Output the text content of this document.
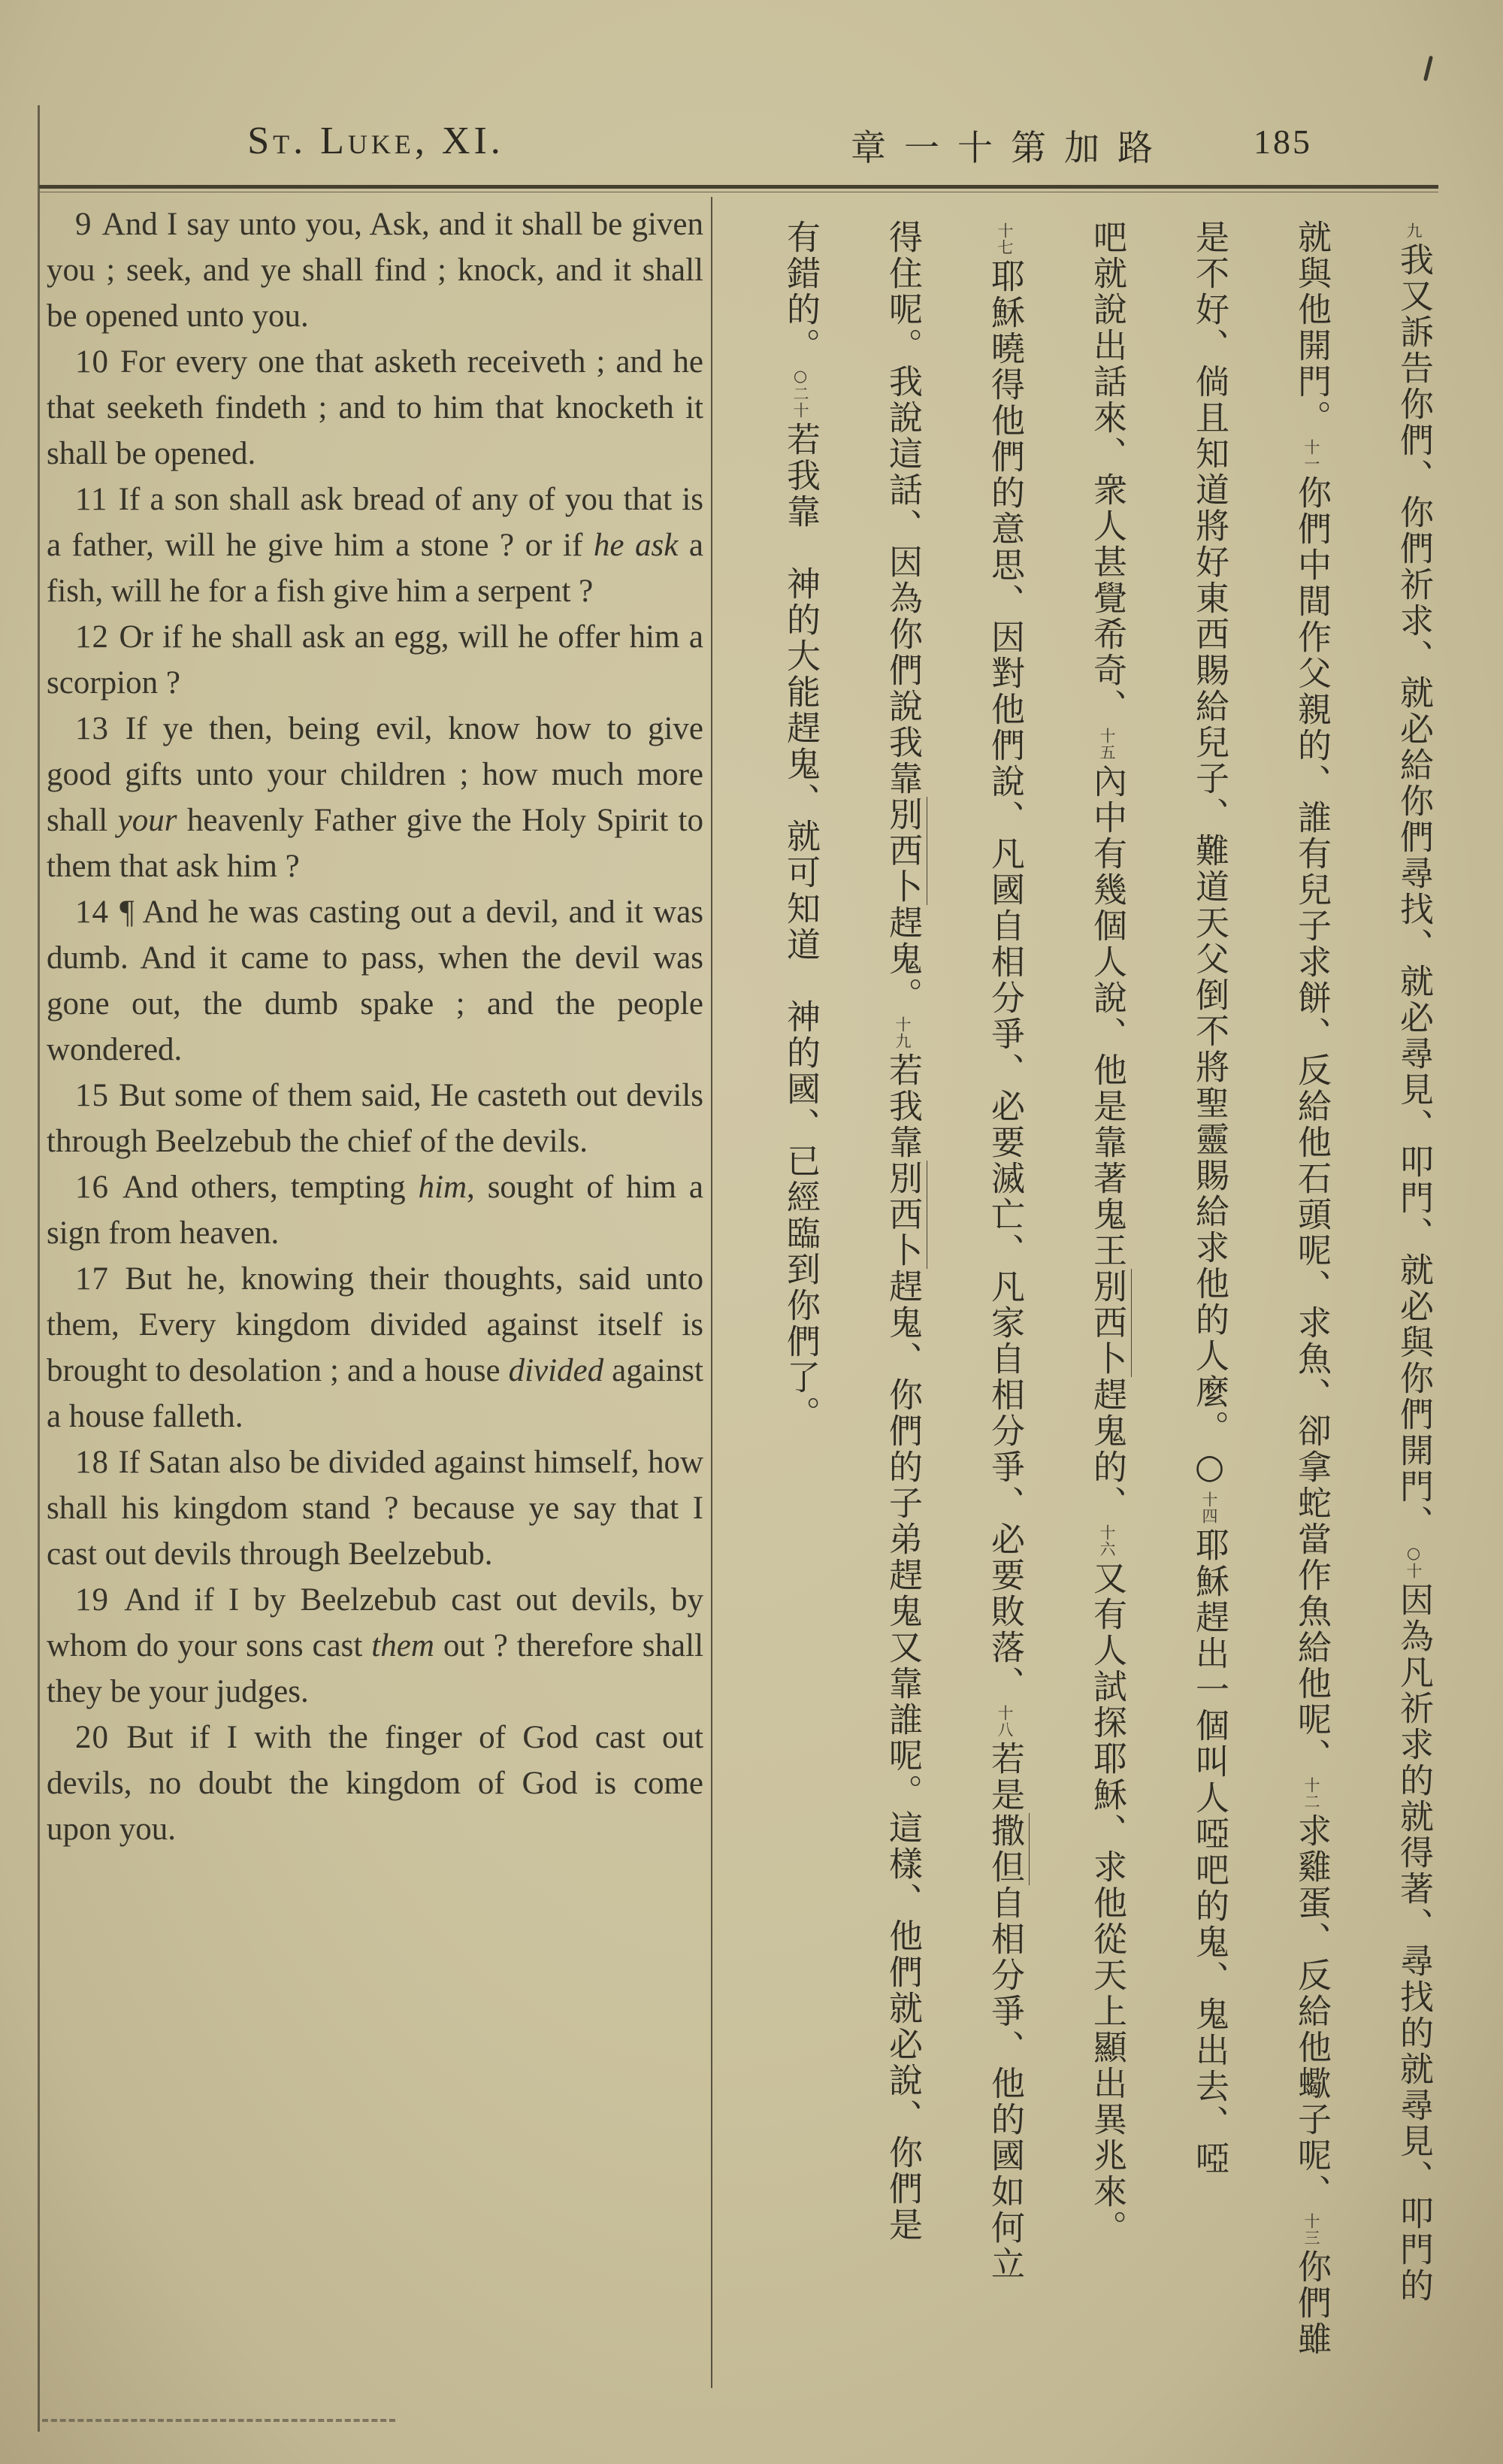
St. Luke, XI.	章一十第加路	185

9 And I say unto you, Ask, and it shall be given you ; seek, and ye shall find ; knock, and it shall be opened unto you.

10 For every one that asketh receiveth ; and he that seeketh findeth ; and to him that knocketh it shall be opened.

11 If a son shall ask bread of any of you that is a father, will he give him a stone ? or if he ask a fish, will he for a fish give him a serpent ?

12 Or if he shall ask an egg, will he offer him a scorpion ?

13 If ye then, being evil, know how to give good gifts unto your children ; how much more shall your heavenly Father give the Holy Spirit to them that ask him ?

14 ¶ And he was casting out a devil, and it was dumb. And it came to pass, when the devil was gone out, the dumb spake ; and the people wondered.

15 But some of them said, He casteth out devils through Beelzebub the chief of the devils.

16 And others, tempting him, sought of him a sign from heaven.

17 But he, knowing their thoughts, said unto them, Every kingdom divided against itself is brought to desolation ; and a house divided against a house falleth.

18 If Satan also be divided against himself, how shall his kingdom stand ? because ye say that I cast out devils through Beelzebub.

19 And if I by Beelzebub cast out devils, by whom do your sons cast them out ? therefore shall they be your judges.

20 But if I with the finger of God cast out devils, no doubt the kingdom of God is come upon you.

九我又訴告你們、你們祈求、就必給你們尋找、就必尋見、叩門、就必與你們開門、○十因為凡祈求的就得著、尋找的就尋見、叩門的
就與他開門。十一你們中間作父親的、誰有兒子求餅、反給他石頭呢、求魚、卻拿蛇當作魚給他呢、十二求雞蛋、反給他蠍子呢、十三你們雖
是不好、倘且知道將好東西賜給兒子、難道天父倒不將聖靈賜給求他的人麼。○十四耶穌趕出一個叫人啞吧的鬼、鬼出去、啞
吧就說出話來、衆人甚覺希奇、十五內中有幾個人說、他是靠著鬼王別西卜趕鬼的、十六又有人試探耶穌、求他從天上顯出異兆來。
十七耶穌曉得他們的意思、因對他們說、凡國自相分爭、必要滅亡、凡家自相分爭、必要敗落、十八若是撒但自相分爭、他的國如何立
得住呢。我說這話、因為你們說我靠別西卜趕鬼。十九若我靠別西卜趕鬼、你們的子弟趕鬼又靠誰呢。這樣、他們就必說、你們是
有錯的。○二十若我靠　神的大能趕鬼、就可知道　神的國、已經臨到你們了。
